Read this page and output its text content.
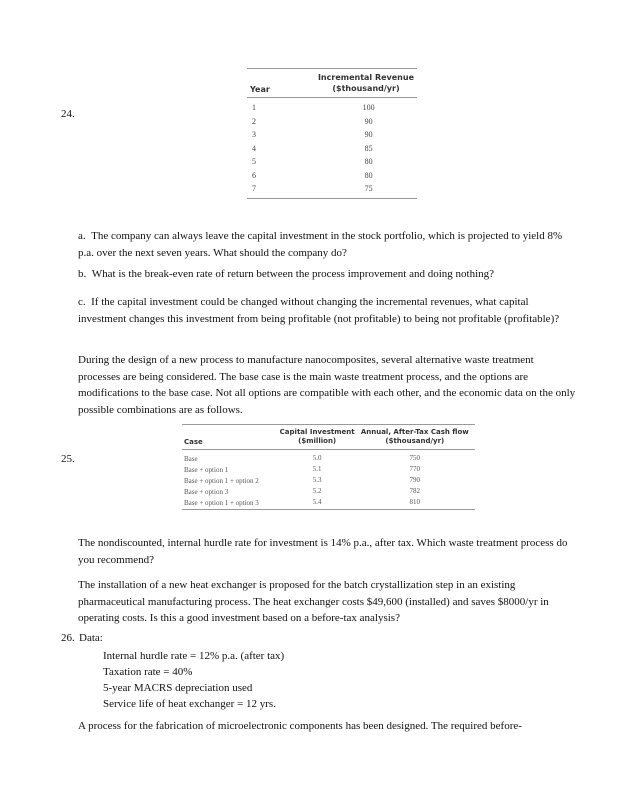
24.
Year
Incremental Revenue
($thousand/yr)
1	100
2	90
3	90
4	85
5	80
6	80
7	75

a.  The company can always leave the capital investment in the stock portfolio, which is projected to yield 8% p.a. over the next seven years. What should the company do?

b.  What is the break-even rate of return between the process improvement and doing nothing?

c.  If the capital investment could be changed without changing the incremental revenues, what capital investment changes this investment from being profitable (not profitable) to being not profitable (profitable)?

During the design of a new process to manufacture nanocomposites, several alternative waste treatment processes are being considered. The base case is the main waste treatment process, and the options are modifications to the base case. Not all options are compatible with each other, and the economic data on the only possible combinations are as follows.

25.
Case
Capital Investment
($million)
Annual, After-Tax Cash flow
($thousand/yr)
Base	5.0	750
Base + option 1	5.1	770
Base + option 1 + option 2	5.3	790
Base + option 3	5.2	782
Base + option 1 + option 3	5.4	810

The nondiscounted, internal hurdle rate for investment is 14% p.a., after tax. Which waste treatment process do you recommend?

The installation of a new heat exchanger is proposed for the batch crystallization step in an existing pharmaceutical manufacturing process. The heat exchanger costs $49,600 (installed) and saves $8000/yr in operating costs. Is this a good investment based on a before-tax analysis?

26. Data:
Internal hurdle rate = 12% p.a. (after tax)
Taxation rate = 40%
5-year MACRS depreciation used
Service life of heat exchanger = 12 yrs.

A process for the fabrication of microelectronic components has been designed. The required before-
